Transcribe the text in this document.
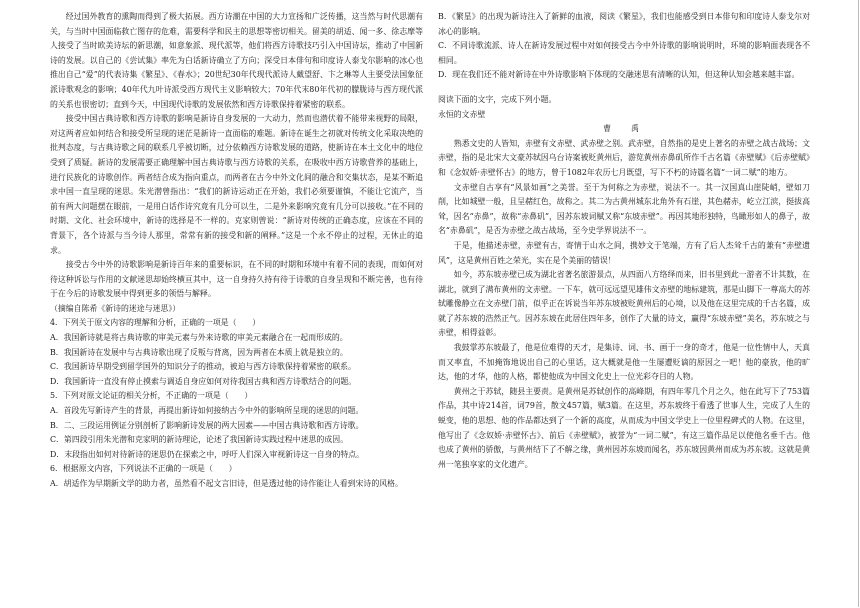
经过国外教育的熏陶而得到了极大拓展。西方诗潮在中国的大力宣扬和广泛传播，这当然与时代思潮有关，与当时中国面临救亡图存的危难，需要科学和民主的思想等密切相关。留美的胡适、闻一多、徐志摩等人接受了当时欧美诗坛的新思潮，如意象派、现代派等，他们将西方诗歌技巧引入中国诗坛，推动了中国新诗的发展。以自己的《尝试集》率先为白话新诗确立了方向；深受日本俳句和印度诗人泰戈尔影响的冰心也推出自己“爱”的代表诗集《繁星》、《春水》；20世纪30年代现代派诗人戴望舒、卞之琳等人主要受法国象征派诗歌观念的影响；40年代九叶诗派受西方现代主义影响较大；70年代末80年代初的朦胧诗与西方现代派的关系也很密切；直到今天，中国现代诗歌的发展依然和西方诗歌保持着紧密的联系。

接受中国古典诗歌和西方诗歌的影响是新诗自身发展的一大动力，然而也潜伏着不能带来视野的局限，对这两者应如何结合和接受所呈现的迷茫是新诗一直面临的难题。新诗在诞生之初就对传统文化采取决绝的批判态度，与古典诗歌之间的联系几乎被切断，过分依赖西方诗歌发展的道路，使新诗在本土文化中的地位受到了质疑。新诗的发展需要正确理解中国古典诗歌与西方诗歌的关系，在吸收中西方诗歌营养的基础上，进行民族化的诗歌创作。两者结合成为指向重点，而两者在古今中外文化间的融合和交集状态，是某不断追求中国一直呈现的迷思。朱光潜曾指出：“我们的新诗运动正在开始，我们必须要谨慎，不能让它流产，当前有两大问题摆在眼前，一是用白话作诗究竟有几分可以生，二是外来影响究竟有几分可以接收。”在不同的时期、文化、社会环境中，新诗的选择是不一样的。克家则曾说：“新诗对传统的正确态度，应该在不同的背景下，各个诗派与当今诗人那里，常常有新的接受和新的阐释。”这是一个永不停止的过程，无休止的追求。

接受古今中外的诗歌影响是新诗百年来的重要标识，在不同的时期和环境中有着不同的表现，而如何对待这种诉讼与作用的文献迷思却始终横亘其中，这一自身持久持有待于诗歌的自身呈现和不断完善，也有待于在今后的诗歌发展中得到更多的领悟与解释。

（摘编自陈希《新诗的迷途与迷思》）

4．下列关于原文内容的理解和分析，正确的一项是（　　）

A．我国新诗就是将古典诗歌的审美元素与外来诗歌的审美元素融合在一起而形成的。

B．我国新诗在发展中与古典诗歌出现了反叛与背离，因为两者在本质上就是独立的。

C．我国新诗早期受到留学国外的知识分子的推动，被迫与西方诗歌保持着紧密的联系。

D．我国新诗一直没有停止摸索与调适自身应如何对待我国古典和西方诗歌结合的问题。

5．下列对原文论证的相关分析，不正确的一项是（　　）

A．首段先写新诗产生的背景，再提出新诗如何接纳古今中外的影响所呈现的迷思的问题。

B．二、三段运用例证分别剖析了影响新诗发展的两大因素——中国古典诗歌和西方诗歌。

C．第四段引用朱光潜和克家明的新诗理论，论述了我国新诗实践过程中迷思的成因。

D．末段指出如何对待新诗的迷思仍在探索之中，呼吁人们深入审视新诗这一自身的特点。

6．根据原文内容，下列说法不正确的一项是（　　）

A．胡适作为早期新文学的助力者，虽然看不起文言旧诗，但是透过他的诗作能让人看到宋诗的风格。

B．《繁星》的出现为新诗注入了新鲜的血液，阅读《繁星》，我们也能感受到日本俳句和印度诗人泰戈尔对冰心的影响。

C．不同诗歌流派、诗人在新诗发展过程中对如何接受古今中外诗歌的影响说明时，环境的影响面表现各不相同。

D．现在我们还不能对新诗在中外诗歌影响下体现的交融迷思有清晰的认知，但这种认知会越来越丰富。

阅读下面的文字，完成下列小题。

永恒的文赤壁

曹　禹

熟悉文史的人皆知，赤壁有文赤壁、武赤壁之别。武赤壁，自然指的是史上著名的赤壁之战古战场；文赤壁，指的是北宋大文豪苏轼因乌台诗案被贬黄州后，游览黄州赤鼻矶所作千古名篇《赤壁赋》《后赤壁赋》和《念奴娇·赤壁怀古》的地方，曾于1082年农历七月既望，写下不朽的诗篇名篇“一词二赋”的地方。

文赤壁自古享有“风景如画”之美誉。至于为何称之为赤壁，说法不一。其一汉国真山崖陡峭，壁如刀削，比如城壁一般，且呈赭红色，故称之。其二为古黄州城东北角外有石崖，其色赭赤，屹立江滨，挺拔高耸，因名“赤鼻”，故称“赤鼻矶”，因苏东坡词赋又称“东坡赤壁”。再因其地形独特，鸟瞰形如人的鼻子，故名“赤鼻矶”，是否为赤壁之战古战场，至今史学界说法不一。

于是，他描述赤壁，赤壁有古，寄情于山水之间，携妙文于笔端，方有了后人杰耸千古的兼有“赤壁遗风”，这是黄州百姓之荣光，实在是个美丽的错误！

如今，苏东坡赤壁已成为湖北省著名旅游景点，从四面八方络绎而来，旧书里到此一游者不计其数，在湖北，就到了满布黄州的文赤壁。一下车，就可远远望见雄伟文赤壁的地标建筑，那是山脚下一尊高大的苏轼雕像静立在文赤壁门前，似乎正在诉说当年苏东坡被贬黄州后的心境，以及他在这里完成的千古名篇，成就了苏东坡的浩然正气。因苏东坡在此居住四年多，创作了大量的诗文，赢得“东坡赤壁”美名，苏东坡之与赤壁，相得益彰。

我鼓掌苏东坡最了，他是位难得的天才，是集诗、词、书、画于一身的奇才，他是一位性情中人，天真而又率直，不加掩饰地说出自己的心里话，这大概就是他一生屡遭贬谪的原因之一吧！他的豪放，他的旷达，他的才华，他的人格，都使他成为中国文化史上一位光彩夺目的人物。

黄州之于苏轼，随县主要责。是黄州是苏轼创作的高峰期，有四年零几个月之久，他在此写下了753篇作品，其中诗214首，词79首，散文457篇，赋3篇。在这里，苏东坡终于看透了世事人生，完成了人生的蜕变，他的思想、他的作品都达到了一个新的高度，从而成为中国文学史上一位里程碑式的人物。在这里，他写出了《念奴娇·赤壁怀古》、前后《赤壁赋》，被誉为“一词二赋”，有这三篇作品足以使他名垂千古。他也成了黄州的骄傲，与黄州结下了不解之缘，黄州因苏东坡而闻名，苏东坡因黄州而成为苏东坡。这就是黄州一笔独享家的文化遗产。
